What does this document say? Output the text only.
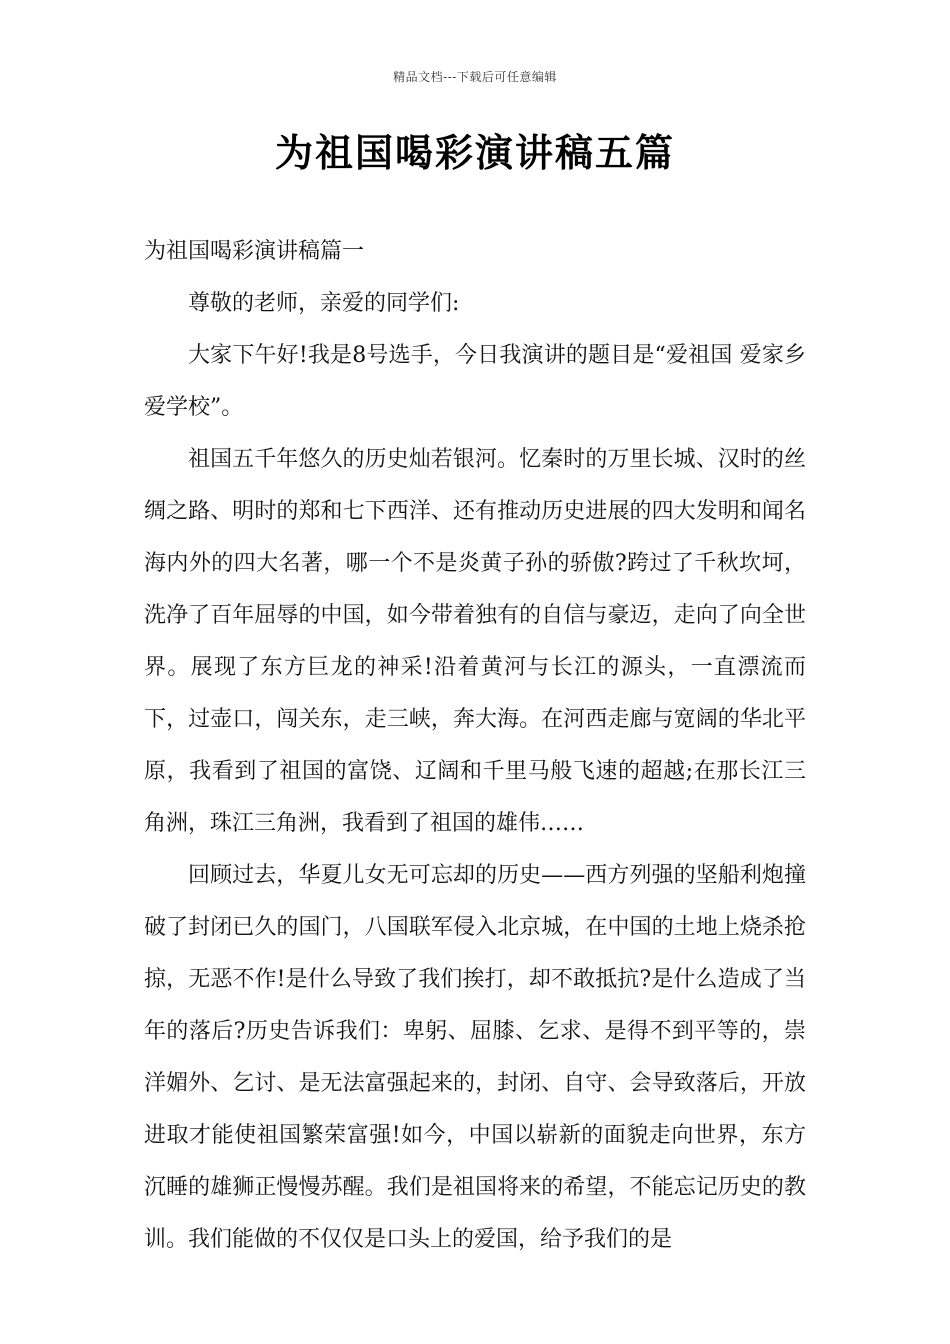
精品文档---下载后可任意编辑
为祖国喝彩演讲稿五篇

为祖国喝彩演讲稿篇一

尊敬的老师，亲爱的同学们:

大家下午好!我是8号选手，今日我演讲的题目是“爱祖国 爱家乡 爱学校”。

祖国五千年悠久的历史灿若银河。忆秦时的万里长城、汉时的丝绸之路、明时的郑和七下西洋、还有推动历史进展的四大发明和闻名海内外的四大名著，哪一个不是炎黄子孙的骄傲?跨过了千秋坎坷，洗净了百年屈辱的中国，如今带着独有的自信与豪迈，走向了向全世界。展现了东方巨龙的神采!沿着黄河与长江的源头，一直漂流而下，过壶口，闯关东，走三峡，奔大海。在河西走廊与宽阔的华北平原，我看到了祖国的富饶、辽阔和千里马般飞速的超越;在那长江三角洲，珠江三角洲，我看到了祖国的雄伟……

回顾过去，华夏儿女无可忘却的历史——西方列强的坚船利炮撞破了封闭已久的国门，八国联军侵入北京城，在中国的土地上烧杀抢掠，无恶不作!是什么导致了我们挨打，却不敢抵抗?是什么造成了当年的落后?历史告诉我们：卑躬、屈膝、乞求、是得不到平等的，崇洋媚外、乞讨、是无法富强起来的，封闭、自守、会导致落后，开放进取才能使祖国繁荣富强!如今，中国以崭新的面貌走向世界，东方沉睡的雄狮正慢慢苏醒。我们是祖国将来的希望，不能忘记历史的教训。我们能做的不仅仅是口头上的爱国，给予我们的是
